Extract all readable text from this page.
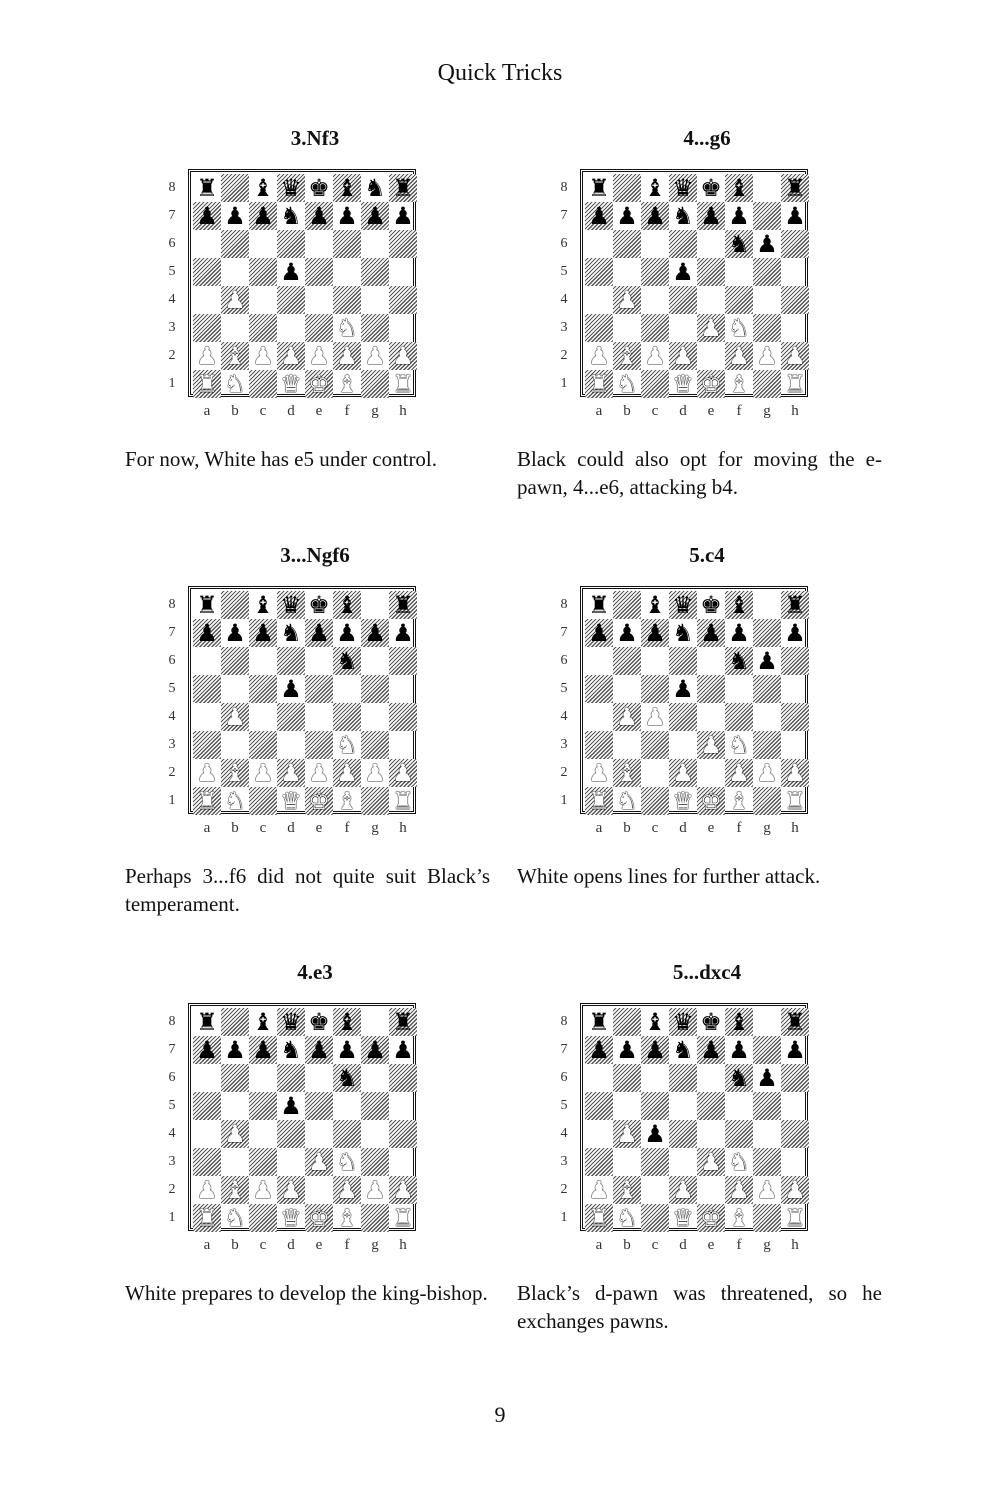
Quick Tricks
3.Nf3
8
7
6
5
4
3
2
1
♜ ♝ ♛ ♚ ♝ ♞ ♜
♟ ♟ ♟ ♞ ♟ ♟ ♟ ♟
♟
♟
♞
♟ ♝ ♟ ♟ ♟ ♟ ♟ ♟
♜ ♞ ♛ ♚ ♝ ♜
a	b	c	d	e	f	g	h
For now, White has e5 under control.
4...g6
8
7
6
5
4
3
2
1
♜ ♝ ♛ ♚ ♝ ♜
♟ ♟ ♟ ♞ ♟ ♟ ♟
♞ ♟
♟
♟
♟ ♞
♟ ♝ ♟ ♟ ♟ ♟ ♟
♜ ♞ ♛ ♚ ♝ ♜
a	b	c	d	e	f	g	h
Black could also opt for moving the e-pawn, 4...e6, attacking b4.
3...Ngf6
8
7
6
5
4
3
2
1
♜ ♝ ♛ ♚ ♝ ♜
♟ ♟ ♟ ♞ ♟ ♟ ♟ ♟
♞
♟
♟
♞
♟ ♝ ♟ ♟ ♟ ♟ ♟ ♟
♜ ♞ ♛ ♚ ♝ ♜
a	b	c	d	e	f	g	h
Perhaps 3...f6 did not quite suit Black’s temperament.
5.c4
8
7
6
5
4
3
2
1
♜ ♝ ♛ ♚ ♝ ♜
♟ ♟ ♟ ♞ ♟ ♟ ♟
♞ ♟
♟
♟ ♟
♟ ♞
♟ ♝ ♟ ♟ ♟ ♟
♜ ♞ ♛ ♚ ♝ ♜
a	b	c	d	e	f	g	h
White opens lines for further attack.
4.e3
8
7
6
5
4
3
2
1
♜ ♝ ♛ ♚ ♝ ♜
♟ ♟ ♟ ♞ ♟ ♟ ♟ ♟
♞
♟
♟
♟ ♞
♟ ♝ ♟ ♟ ♟ ♟ ♟
♜ ♞ ♛ ♚ ♝ ♜
a	b	c	d	e	f	g	h
White prepares to develop the king-bishop.
5...dxc4
8
7
6
5
4
3
2
1
♜ ♝ ♛ ♚ ♝ ♜
♟ ♟ ♟ ♞ ♟ ♟ ♟
♞ ♟
♟ ♟
♟ ♞
♟ ♝ ♟ ♟ ♟ ♟
♜ ♞ ♛ ♚ ♝ ♜
a	b	c	d	e	f	g	h
Black’s d-pawn was threatened, so he exchanges pawns.
9
